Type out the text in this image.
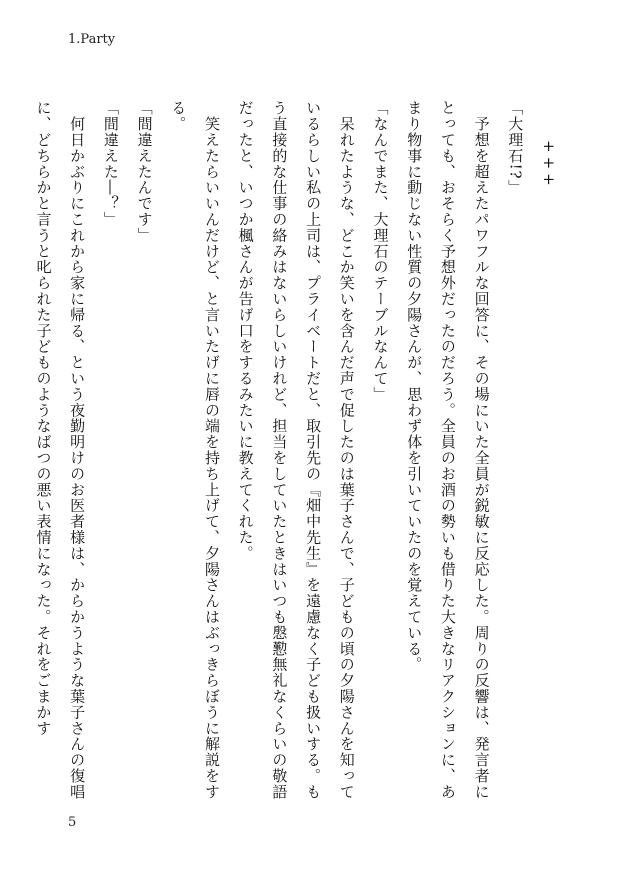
1.Party

+++

「大理石!?」

　予想を超えたパワフルな回答に、その場にいた全員が鋭敏に反応した。周りの反響は、発言者にとっても、おそらく予想外だったのだろう。全員のお酒の勢いも借りた大きなリアクションに、あまり物事に動じない性質の夕陽さんが、思わず体を引いていたのを覚えている。

「なんでまた、大理石のテーブルなんて」

　呆れたような、どこか笑いを含んだ声で促したのは葉子さんで、子どもの頃の夕陽さんを知っているらしい私の上司は、プライベートだと、取引先の『畑中先生』を遠慮なく子ども扱いする。もう直接的な仕事の絡みはないらしいけれど、担当をしていたときはいつも慇懃無礼なくらいの敬語だったと、いつか楓さんが告げ口をするみたいに教えてくれた。

　笑えたらいいんだけど、と言いたげに唇の端を持ち上げて、夕陽さんはぶっきらぼうに解説をする。

「間違えたんです」

「間違えた―？」

　何日かぶりにこれから家に帰る、という夜勤明けのお医者様は、からかうような葉子さんの復唱に、どちらかと言うと叱られた子どものようなばつの悪い表情になった。それをごまかす

5
